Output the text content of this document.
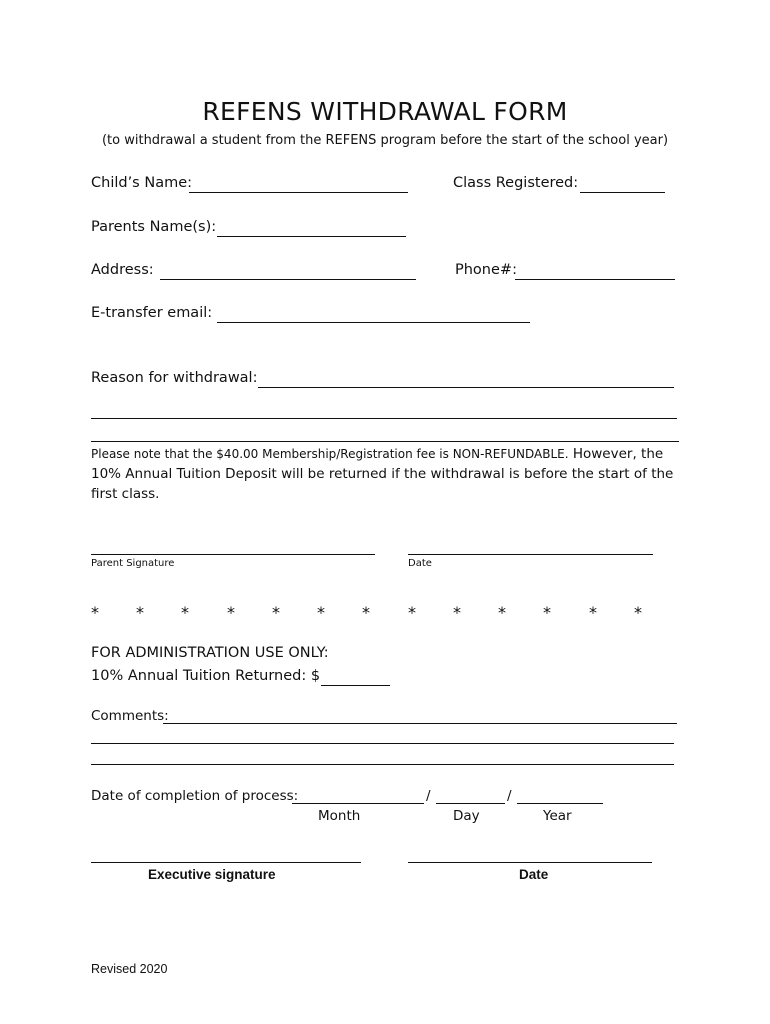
REFENS WITHDRAWAL FORM
(to withdrawal a student from the REFENS program before the start of the school year)
Child’s Name:	Class Registered:
Parents Name(s):
Address:	Phone#:
E-transfer email:
Reason for withdrawal:
Please note that the $40.00 Membership/Registration fee is NON-REFUNDABLE. However, the 10% Annual Tuition Deposit will be returned if the withdrawal is before the start of the first class.
Parent Signature	Date
* * * * * * * * * * * * *
FOR ADMINISTRATION USE ONLY:
10% Annual Tuition Returned: $
Comments:
Date of completion of process:	/	/
Month	Day	Year
Executive signature	Date
Revised 2020
